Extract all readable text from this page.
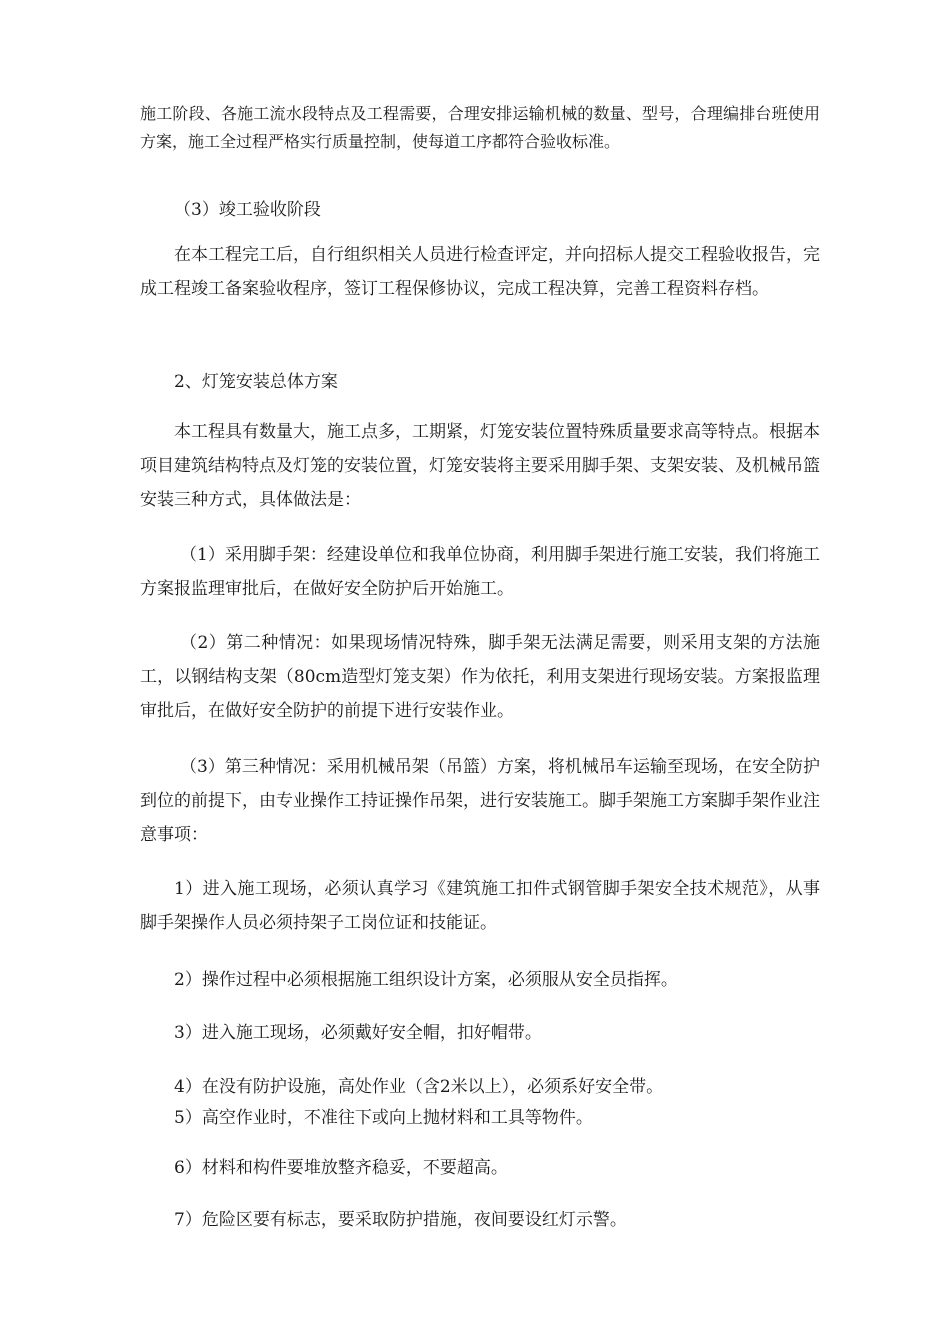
施工阶段、各施工流水段特点及工程需要，合理安排运输机械的数量、型号，合理编排台班使用方案，施工全过程严格实行质量控制，使每道工序都符合验收标准。

（3）竣工验收阶段

在本工程完工后，自行组织相关人员进行检查评定，并向招标人提交工程验收报告，完成工程竣工备案验收程序，签订工程保修协议，完成工程决算，完善工程资料存档。

2、灯笼安装总体方案

本工程具有数量大，施工点多，工期紧，灯笼安装位置特殊质量要求高等特点。根据本项目建筑结构特点及灯笼的安装位置，灯笼安装将主要采用脚手架、支架安装、及机械吊篮安装三种方式，具体做法是：

（1）采用脚手架：经建设单位和我单位协商，利用脚手架进行施工安装，我们将施工方案报监理审批后，在做好安全防护后开始施工。

（2）第二种情况：如果现场情况特殊，脚手架无法满足需要，则采用支架的方法施工，以钢结构支架（80cm造型灯笼支架）作为依托，利用支架进行现场安装。方案报监理审批后，在做好安全防护的前提下进行安装作业。

（3）第三种情况：采用机械吊架（吊篮）方案，将机械吊车运输至现场，在安全防护到位的前提下，由专业操作工持证操作吊架，进行安装施工。脚手架施工方案脚手架作业注意事项：

1）进入施工现场，必须认真学习《建筑施工扣件式钢管脚手架安全技术规范》，从事脚手架操作人员必须持架子工岗位证和技能证。

2）操作过程中必须根据施工组织设计方案，必须服从安全员指挥。

3）进入施工现场，必须戴好安全帽，扣好帽带。

4）在没有防护设施，高处作业（含2米以上），必须系好安全带。

5）高空作业时，不准往下或向上抛材料和工具等物件。

6）材料和构件要堆放整齐稳妥，不要超高。

7）危险区要有标志，要采取防护措施，夜间要设红灯示警。
